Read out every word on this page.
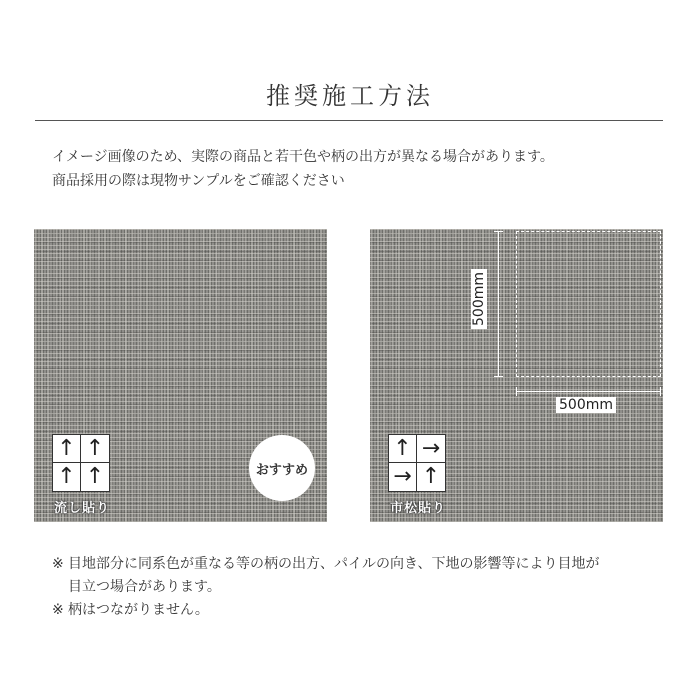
推奨施工方法
イメージ画像のため、実際の商品と若干色や柄の出方が異なる場合があります。
商品採用の際は現物サンプルをご確認ください
↑ ↑
↑ ↑
流し貼り
おすすめ
500mm
500mm
↑ →
→ ↑
市松貼り
※ 目地部分に同系色が重なる等の柄の出方、パイルの向き、下地の影響等により目地が
目立つ場合があります。
※ 柄はつながりません。
